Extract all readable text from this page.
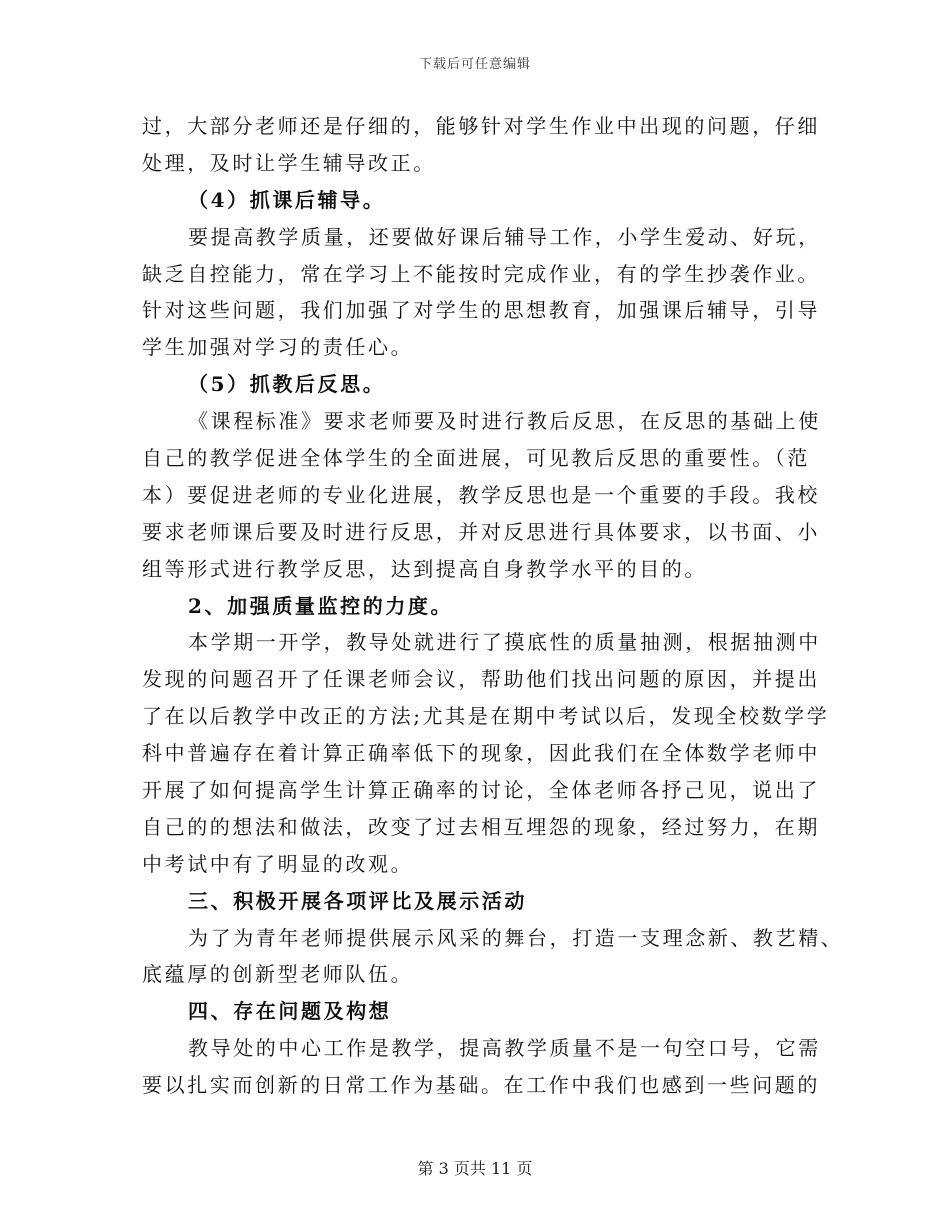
下载后可任意编辑
过，大部分老师还是仔细的，能够针对学生作业中出现的问题，仔细
处理，及时让学生辅导改正。
（4）抓课后辅导。
要提高教学质量，还要做好课后辅导工作，小学生爱动、好玩，
缺乏自控能力，常在学习上不能按时完成作业，有的学生抄袭作业。
针对这些问题，我们加强了对学生的思想教育，加强课后辅导，引导
学生加强对学习的责任心。
（5）抓教后反思。
《课程标准》要求老师要及时进行教后反思，在反思的基础上使
自己的教学促进全体学生的全面进展，可见教后反思的重要性。（范
本）要促进老师的专业化进展，教学反思也是一个重要的手段。我校
要求老师课后要及时进行反思，并对反思进行具体要求，以书面、小
组等形式进行教学反思，达到提高自身教学水平的目的。
2、加强质量监控的力度。
本学期一开学，教导处就进行了摸底性的质量抽测，根据抽测中
发现的问题召开了任课老师会议，帮助他们找出问题的原因，并提出
了在以后教学中改正的方法;尤其是在期中考试以后，发现全校数学学
科中普遍存在着计算正确率低下的现象，因此我们在全体数学老师中
开展了如何提高学生计算正确率的讨论，全体老师各抒己见，说出了
自己的的想法和做法，改变了过去相互埋怨的现象，经过努力，在期
中考试中有了明显的改观。
三、积极开展各项评比及展示活动
为了为青年老师提供展示风采的舞台，打造一支理念新、教艺精、
底蕴厚的创新型老师队伍。
四、存在问题及构想
教导处的中心工作是教学，提高教学质量不是一句空口号，它需
要以扎实而创新的日常工作为基础。在工作中我们也感到一些问题的
第 3 页共 11 页
